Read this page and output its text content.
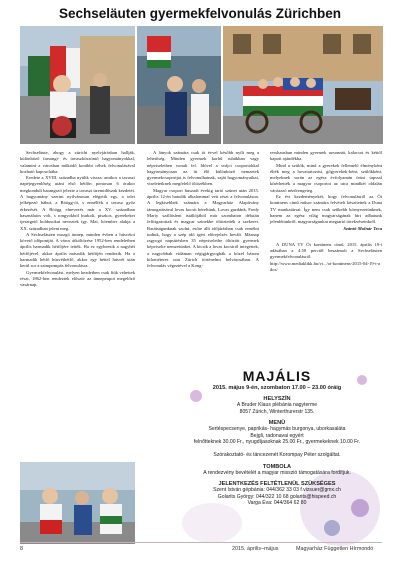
Sechseläuten gyermekfelvonulás Zürichben

Sechseläute, ahogy a zürichi nyelvjárásban hallják, különböző farsangi- és tavaszköszöntő hagyományokkal, valamint a városban működő korábbi céhek felvonulásával hozható kapcsolatba.

Eredete a XVIII. századba nyúlik vissza, amikor a tavaszi napéjegyenlőség utáni első hétfőn pontosan 6 órakor megkondult harangszó jelezte a tavaszi üzemidőszak kezdetét. A hagyomány szerint nyilvánosan elégetik egy, a telet jelképező bábut, a Böögg-öt, s ennélfék a tavasz győz érkezését. A Böögg elnevezés már a XV. században használatos volt, s rongyokból burkolt, piszkos, gyerekeket ijesztgető koldusokat neveztek így. Mai, hóember alakja a XX. században jelent meg.

A Sechseläuten mozgó ünnep, minden évben a húsvétot követő időpontját. A város átköltözése 1952-ben rendeletben április harmadik hétfőjére tették. Ha ez egybeesik a nagyhét hétfőjével, akkor április második hétfőjén rendezik. Ha a harmadik hétfő húsvéthétfő, akkor egy héttel húsvét után kerül sor a szimpompás felvonulásra.

Gyermekfelvonulást, melyen kezdetben csak fiúk vehettek részt, 1862-ben rendeztek először az ünnepeupot megelőző vasárnap.

A lányok számára csak öt évvel később nyílt meg a lehetőség. Minden gyermek korhű ruhákban vagy népviseletben vonult fel. Idővel a svájci csoportokkal hagyományosan az itt élő különböző nemzetek gyermekcsoportjai is felvonulhatnak, saját hagyományaikat, viseleteiknek megfelelő öltözékben.

Magyar csoport huszadi évekig tartó szünet után 2015. április 12-én hatodik alkalommal vett részt a felvonuláson. A legkisebbek számára a Magyarház Alapítvány támogatásával lovas kocsit béreltünk, Lovas gazdánk, Fredy Marty szállásleni istállójából már szombaton délután felfrigazottak és magyar szinekbe öltöztették a szekeret. Barátságunknak szolni, esőre állt időjárásban csak remélni tudtuk, hogy a szép idő igéri előrejelzés bevált. Másnap ragyogó napsütésben 35 népviseletbe öltözött gyermek képviselte nemzetünket. A kicsik a lovas kocsiról integettek, a nagyobbak vidáman végigjárgyoghák a közel három kilométeres utat Zürich történelmi belvárosában. A felvonulás végeztével a Kong-

resshausban minden gyermek uzsonnát, kalacsot és kéttől kapott ajándékba.

Mind a szülők, mind a gyerekek fellemelő élményként élték meg a hovatartozást, gőgyerekek-ként, szülőkként, melyeknek során az egész évfolyamán örüsi tapssal kísérhették a magyar csoportot az utca mindkét oldalán váróazzó nézőrengeteg.

Ez évi kezdeményekét, hogy felvonulásról az Öt kontinens című műsor számára felvételt készítettek a Duna TV munkatársai. Így nem csak szűkebb környezetünknek, hanem az egész világ magyarságának hírt adhatunk jelenlétünkről, magyarságunkat megtartó törekvéseinkről.

Szántó-Molnár Teca

A DUNA TV Öt kontinens című, 2015. április 19-i adásában a 4:50 perctől beszámolt a Sechseläuten gyermekfelvonulásról.

http://www.mediaklikk.hu/vi.../ot-kontinens-2015-04-19-i-ados/

MAJÁLIS
2015. május 9-én, szombaton 17.00 – 23.00 óráig
HELYSZÍN
A Bruder Klaus plébánia nagyterme
8057 Zürich, Winterthurerstr 135.
MENÜ
Sertéspecsenye, paprikás- hagymás burgonya, uborkasaláta
Bejgli, radonavai egyért
felnőtteknek 30.00 Fr., nyugdíjasoknak 25.00 Fr., gyermekeknek 10.00 Fr.
Szórakoztató- és táncezenét Korompay Péter szolgáltat.
TOMBOLA
A rendezvény bevételét a magyar misszió támogatására fordítjuk.
JELENTKEZÉS FELTÉTLENÜL SZÜKSÉGES
Szent István gépbánia: 044/362 33 03 f.vizsuer@gmx.ch
Golarits György: 044/322 10 68 golarits@hispeed.ch
Varga Éva: 044/364 62 80
8	2015. április–május	Magyarház Független Hírmondó
